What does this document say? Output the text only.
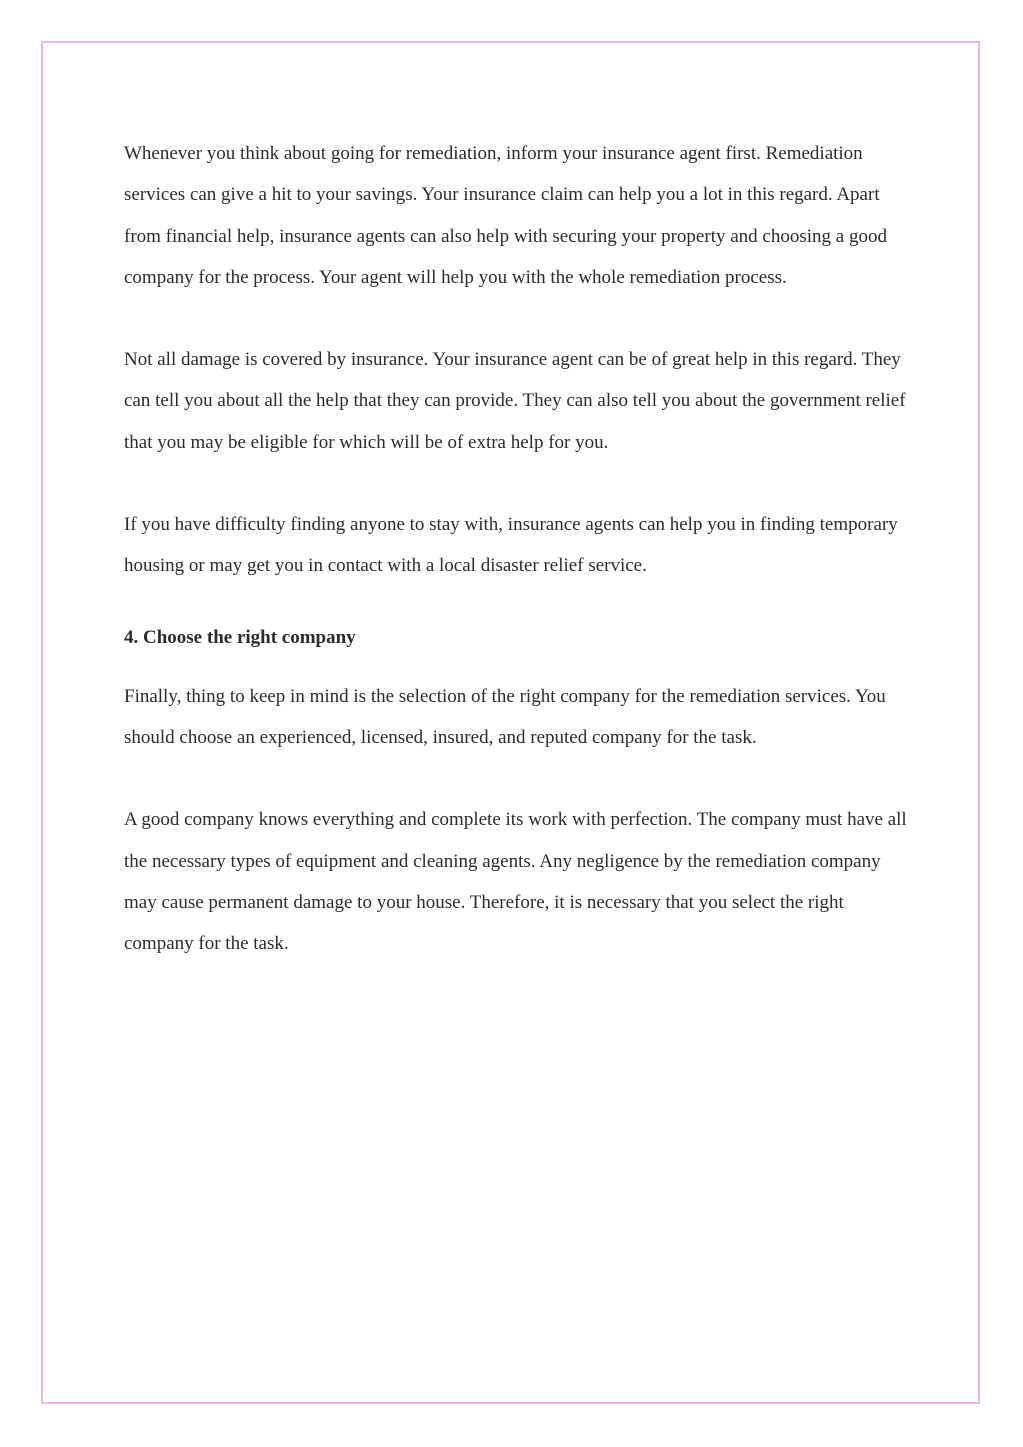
Whenever you think about going for remediation, inform your insurance agent first. Remediation services can give a hit to your savings. Your insurance claim can help you a lot in this regard. Apart from financial help, insurance agents can also help with securing your property and choosing a good company for the process. Your agent will help you with the whole remediation process.

Not all damage is covered by insurance. Your insurance agent can be of great help in this regard. They can tell you about all the help that they can provide. They can also tell you about the government relief that you may be eligible for which will be of extra help for you.

If you have difficulty finding anyone to stay with, insurance agents can help you in finding temporary housing or may get you in contact with a local disaster relief service.

4. Choose the right company

Finally, thing to keep in mind is the selection of the right company for the remediation services. You should choose an experienced, licensed, insured, and reputed company for the task.

A good company knows everything and complete its work with perfection. The company must have all the necessary types of equipment and cleaning agents. Any negligence by the remediation company may cause permanent damage to your house. Therefore, it is necessary that you select the right company for the task.
